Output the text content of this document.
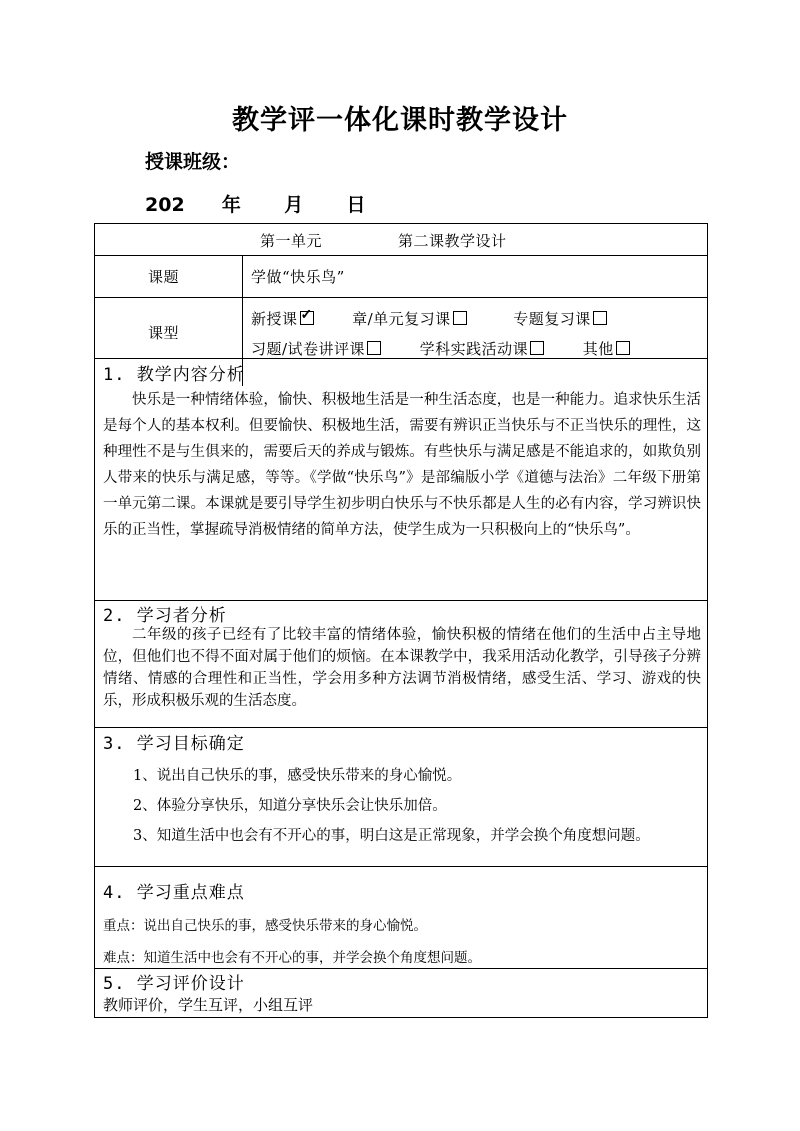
教学评一体化课时教学设计
授课班级：
202 年 月 日
第一单元	第二课教学设计
课题	学做“快乐鸟”
课型
新授课✓	章/单元复习课	专题复习课
习题/试卷讲评课	学科实践活动课	其他
1. 教学内容分析

快乐是一种情绪体验，愉快、积极地生活是一种生活态度，也是一种能力。追求快乐生活是每个人的基本权利。但要愉快、积极地生活，需要有辨识正当快乐与不正当快乐的理性，这种理性不是与生俱来的，需要后天的养成与锻炼。有些快乐与满足感是不能追求的，如欺负别人带来的快乐与满足感，等等。《学做“快乐鸟”》是部编版小学《道德与法治》二年级下册第一单元第二课。本课就是要引导学生初步明白快乐与不快乐都是人生的必有内容，学习辨识快乐的正当性，掌握疏导消极情绪的简单方法，使学生成为一只积极向上的“快乐鸟”。

2. 学习者分析

二年级的孩子已经有了比较丰富的情绪体验，愉快积极的情绪在他们的生活中占主导地位，但他们也不得不面对属于他们的烦恼。在本课教学中，我采用活动化教学，引导孩子分辨情绪、情感的合理性和正当性，学会用多种方法调节消极情绪，感受生活、学习、游戏的快乐，形成积极乐观的生活态度。

3. 学习目标确定
1、说出自己快乐的事，感受快乐带来的身心愉悦。
2、体验分享快乐，知道分享快乐会让快乐加倍。
3、知道生活中也会有不开心的事，明白这是正常现象，并学会换个角度想问题。
4. 学习重点难点
重点：说出自己快乐的事，感受快乐带来的身心愉悦。
难点：知道生活中也会有不开心的事，并学会换个角度想问题。
5. 学习评价设计
教师评价，学生互评，小组互评
